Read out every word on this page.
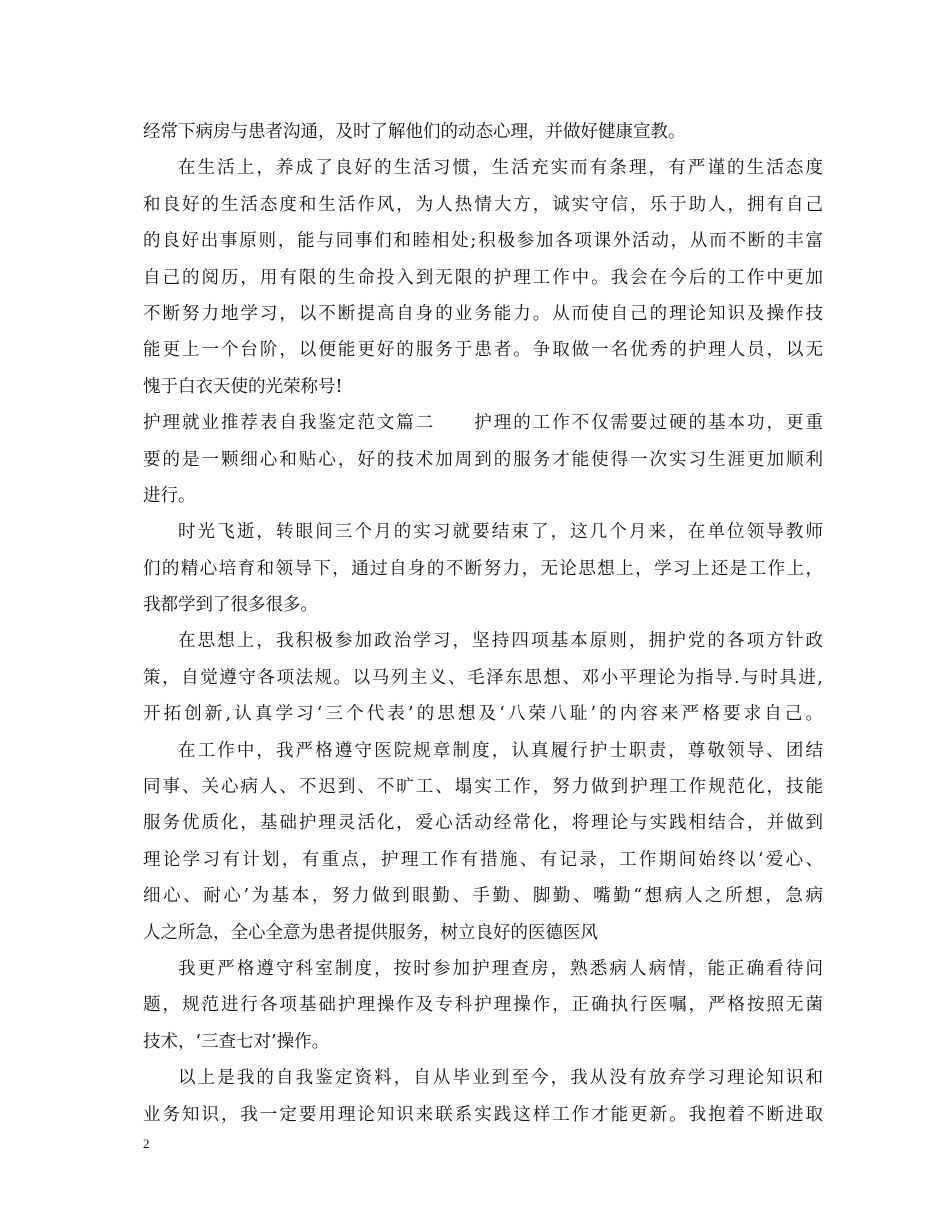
经常下病房与患者沟通，及时了解他们的动态心理，并做好健康宣教。
在生活上，养成了良好的生活习惯，生活充实而有条理，有严谨的生活态度
和良好的生活态度和生活作风，为人热情大方，诚实守信，乐于助人，拥有自己
的良好出事原则，能与同事们和睦相处;积极参加各项课外活动，从而不断的丰富
自己的阅历，用有限的生命投入到无限的护理工作中。我会在今后的工作中更加
不断努力地学习，以不断提高自身的业务能力。从而使自己的理论知识及操作技
能更上一个台阶，以便能更好的服务于患者。争取做一名优秀的护理人员，以无
愧于白衣天使的光荣称号!
护理就业推荐表自我鉴定范文篇二　　护理的工作不仅需要过硬的基本功，更重
要的是一颗细心和贴心，好的技术加周到的服务才能使得一次实习生涯更加顺利
进行。
时光飞逝，转眼间三个月的实习就要结束了，这几个月来，在单位领导教师
们的精心培育和领导下，通过自身的不断努力，无论思想上，学习上还是工作上，
我都学到了很多很多。
在思想上，我积极参加政治学习，坚持四项基本原则，拥护党的各项方针政
策，自觉遵守各项法规。以马列主义、毛泽东思想、邓小平理论为指导.与时具进,
开拓创新,认真学习‘三个代表’的思想及‘八荣八耻’的内容来严格要求自己。
在工作中，我严格遵守医院规章制度，认真履行护士职责，尊敬领导、团结
同事、关心病人、不迟到、不旷工、塌实工作，努力做到护理工作规范化，技能
服务优质化，基础护理灵活化，爱心活动经常化，将理论与实践相结合，并做到
理论学习有计划，有重点，护理工作有措施、有记录，工作期间始终以‘爱心、
细心、耐心’为基本，努力做到眼勤、手勤、脚勤、嘴勤“想病人之所想，急病
人之所急，全心全意为患者提供服务，树立良好的医德医风
我更严格遵守科室制度，按时参加护理查房，熟悉病人病情，能正确看待问
题，规范进行各项基础护理操作及专科护理操作，正确执行医嘱，严格按照无菌
技术，‘三查七对’操作。
以上是我的自我鉴定资料，自从毕业到至今，我从没有放弃学习理论知识和
业务知识，我一定要用理论知识来联系实践这样工作才能更新。我抱着不断进取
2
